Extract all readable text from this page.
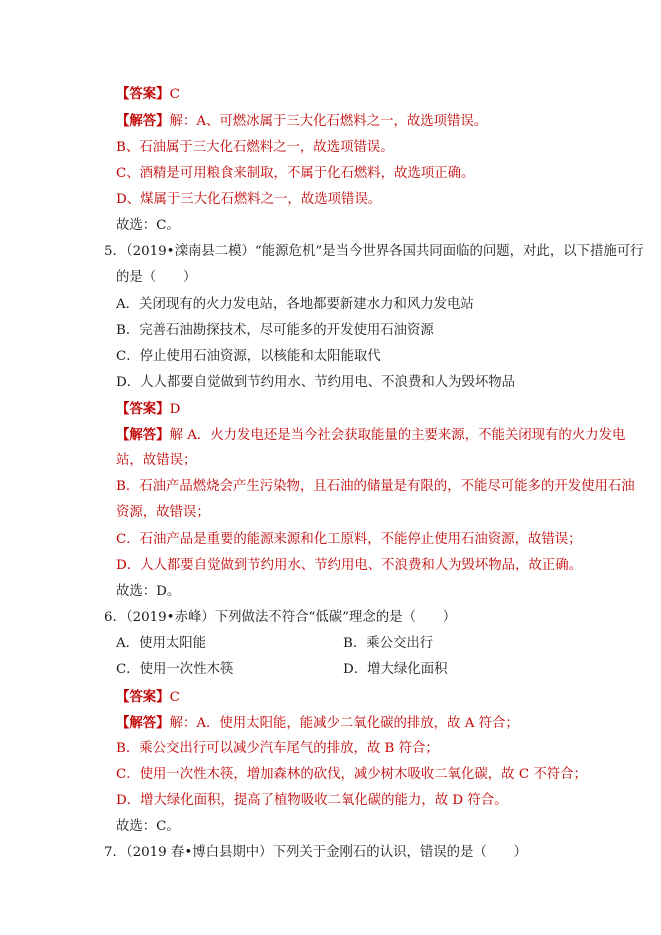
【答案】C
【解答】解：A、可燃冰属于三大化石燃料之一，故选项错误。
B、石油属于三大化石燃料之一，故选项错误。
C、酒精是可用粮食来制取，不属于化石燃料，故选项正确。
D、煤属于三大化石燃料之一，故选项错误。
故选：C。
5．（2019•滦南县二模）“能源危机”是当今世界各国共同面临的问题，对此，以下措施可行
的是（　　）
A．关闭现有的火力发电站，各地都要新建水力和风力发电站
B．完善石油勘探技术，尽可能多的开发使用石油资源
C．停止使用石油资源，以核能和太阳能取代
D．人人都要自觉做到节约用水、节约用电、不浪费和人为毁坏物品
【答案】D
【解答】解 A．火力发电还是当今社会获取能量的主要来源，不能关闭现有的火力发电
站，故错误；
B．石油产品燃烧会产生污染物，且石油的储量是有限的，不能尽可能多的开发使用石油
资源，故错误；
C．石油产品是重要的能源来源和化工原料，不能停止使用石油资源，故错误；
D．人人都要自觉做到节约用水、节约用电、不浪费和人为毁坏物品，故正确。
故选：D。
6．（2019•赤峰）下列做法不符合“低碳”理念的是（　　）
A．使用太阳能	B．乘公交出行
C．使用一次性木筷	D．增大绿化面积
【答案】C
【解答】解：A．使用太阳能，能减少二氧化碳的排放，故 A 符合；
B．乘公交出行可以减少汽车尾气的排放，故 B 符合；
C．使用一次性木筷，增加森林的砍伐，减少树木吸收二氧化碳，故 C 不符合；
D．增大绿化面积，提高了植物吸收二氧化碳的能力，故 D 符合。
故选：C。
7．（2019 春•博白县期中）下列关于金刚石的认识，错误的是（　　）
